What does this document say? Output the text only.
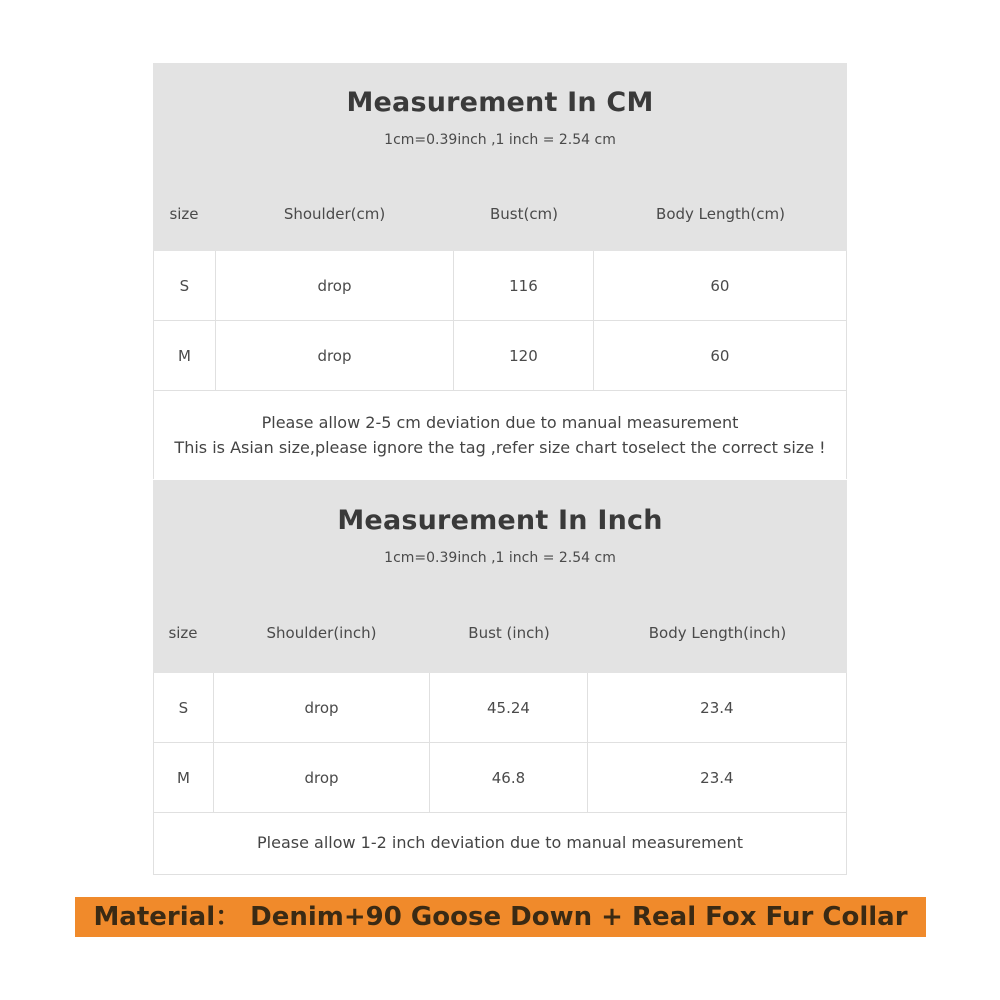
Measurement In CM
1cm=0.39inch ,1 inch = 2.54 cm
size	Shoulder(cm)	Bust(cm)	Body Length(cm)
S	drop	116	60
M	drop	120	60
Please allow 2-5 cm deviation due to manual measurement
This is Asian size,please ignore the tag ,refer size chart toselect the correct size !
Measurement In Inch
1cm=0.39inch ,1 inch = 2.54 cm
size	Shoulder(inch)	Bust (inch)	Body Length(inch)
S	drop	45.24	23.4
M	drop	46.8	23.4
Please allow 1-2 inch deviation due to manual measurement
Material： Denim+90 Goose Down + Real Fox Fur Collar
